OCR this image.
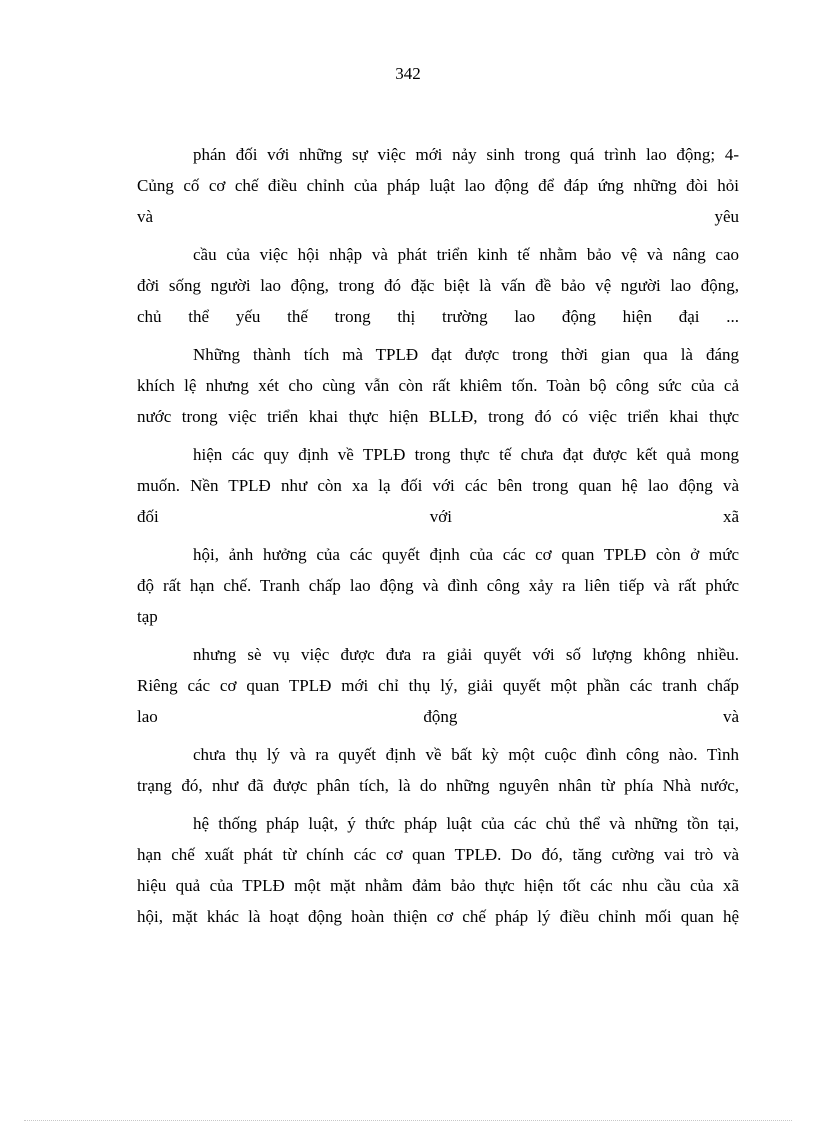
342
phán đối với những sự việc mới nảy sinh trong quá trình lao động; 4-
Củng cố cơ chế điều chỉnh của pháp luật lao động để đáp ứng những đòi hỏi
và yêu
cầu của việc hội nhập và phát triển kinh tế nhằm bảo vệ và nâng cao
đời sống người lao động, trong đó đặc biệt là vấn đề bảo vệ người lao động,
chủ thể yếu thế trong thị trường lao động hiện đại ...
Những thành tích mà TPLĐ đạt được trong thời gian qua là đáng
khích lệ nhưng xét cho cùng vẫn còn rất khiêm tốn. Toàn bộ công sức của cả
nước trong việc triển khai thực hiện BLLĐ, trong đó có việc triển khai thực
hiện các quy định về TPLĐ trong thực tế chưa đạt được kết quả mong
muốn. Nền TPLĐ như còn xa lạ đối với các bên trong quan hệ lao động và
đối với xã
hội, ảnh hưởng của các quyết định của các cơ quan TPLĐ còn ở mức
độ rất hạn chế. Tranh chấp lao động và đình công xảy ra liên tiếp và rất phức
tạp
nhưng sè vụ việc được đưa ra giải quyết với số lượng không nhiều.
Riêng các cơ quan TPLĐ mới chỉ thụ lý, giải quyết một phần các tranh chấp
lao động và
chưa thụ lý và ra quyết định về bất kỳ một cuộc đình công nào. Tình
trạng đó, như đã được phân tích, là do những nguyên nhân từ phía Nhà nước,
hệ thống pháp luật, ý thức pháp luật của các chủ thể và những tồn tại,
hạn chế xuất phát từ chính các cơ quan TPLĐ. Do đó, tăng cường vai trò và
hiệu quả của TPLĐ một mặt nhằm đảm bảo thực hiện tốt các nhu cầu của xã
hội, mặt khác là hoạt động hoàn thiện cơ chế pháp lý điều chỉnh mối quan hệ
